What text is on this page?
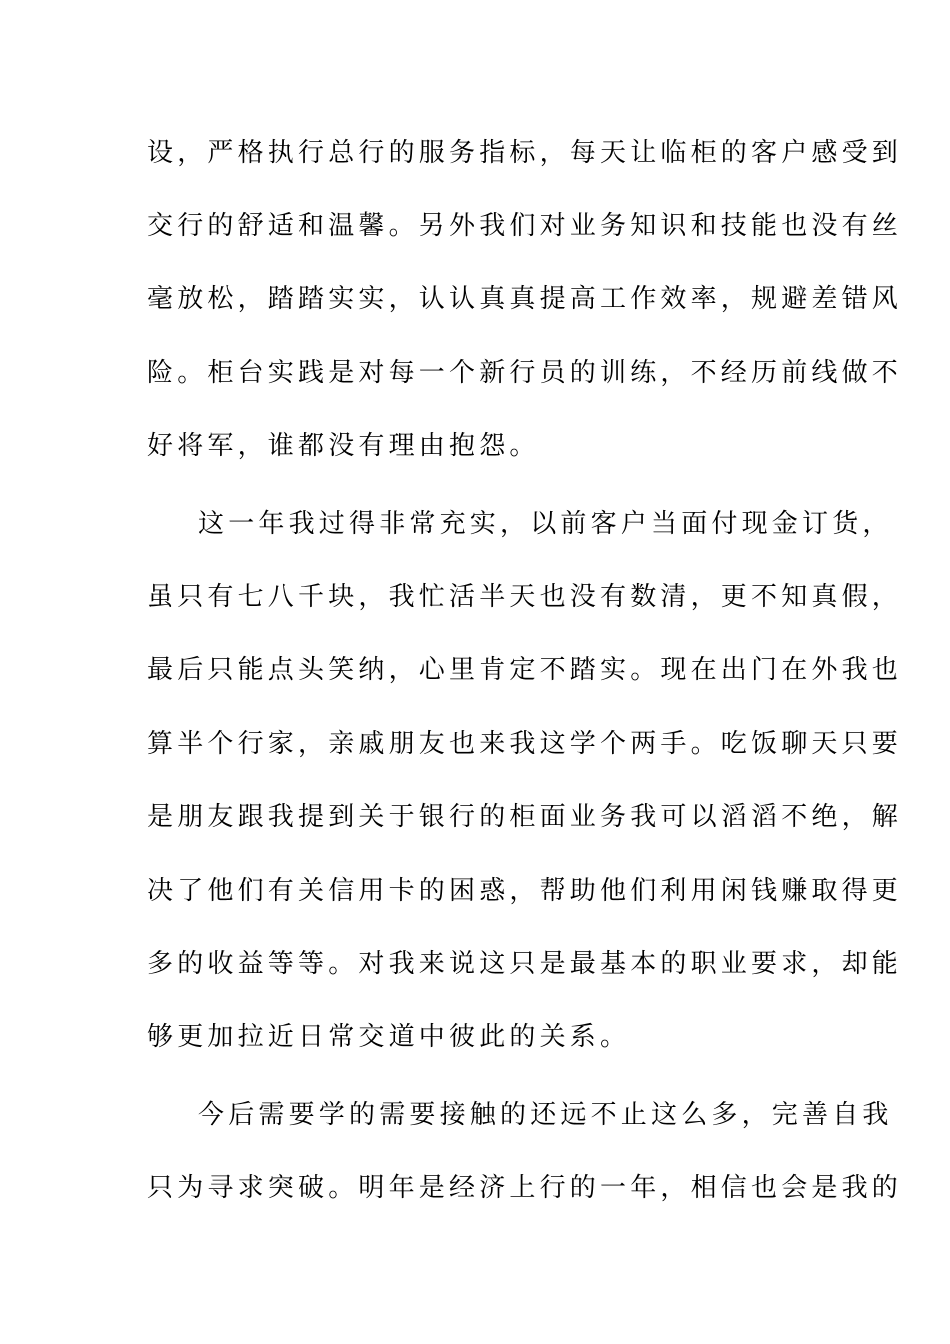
设，严格执行总行的服务指标，每天让临柜的客户感受到
交行的舒适和温馨。另外我们对业务知识和技能也没有丝
毫放松，踏踏实实，认认真真提高工作效率，规避差错风
险。柜台实践是对每一个新行员的训练，不经历前线做不
好将军，谁都没有理由抱怨。
这一年我过得非常充实，以前客户当面付现金订货，
虽只有七八千块，我忙活半天也没有数清，更不知真假，
最后只能点头笑纳，心里肯定不踏实。现在出门在外我也
算半个行家，亲戚朋友也来我这学个两手。吃饭聊天只要
是朋友跟我提到关于银行的柜面业务我可以滔滔不绝，解
决了他们有关信用卡的困惑，帮助他们利用闲钱赚取得更
多的收益等等。对我来说这只是最基本的职业要求，却能
够更加拉近日常交道中彼此的关系。
今后需要学的需要接触的还远不止这么多，完善自我
只为寻求突破。明年是经济上行的一年，相信也会是我的
